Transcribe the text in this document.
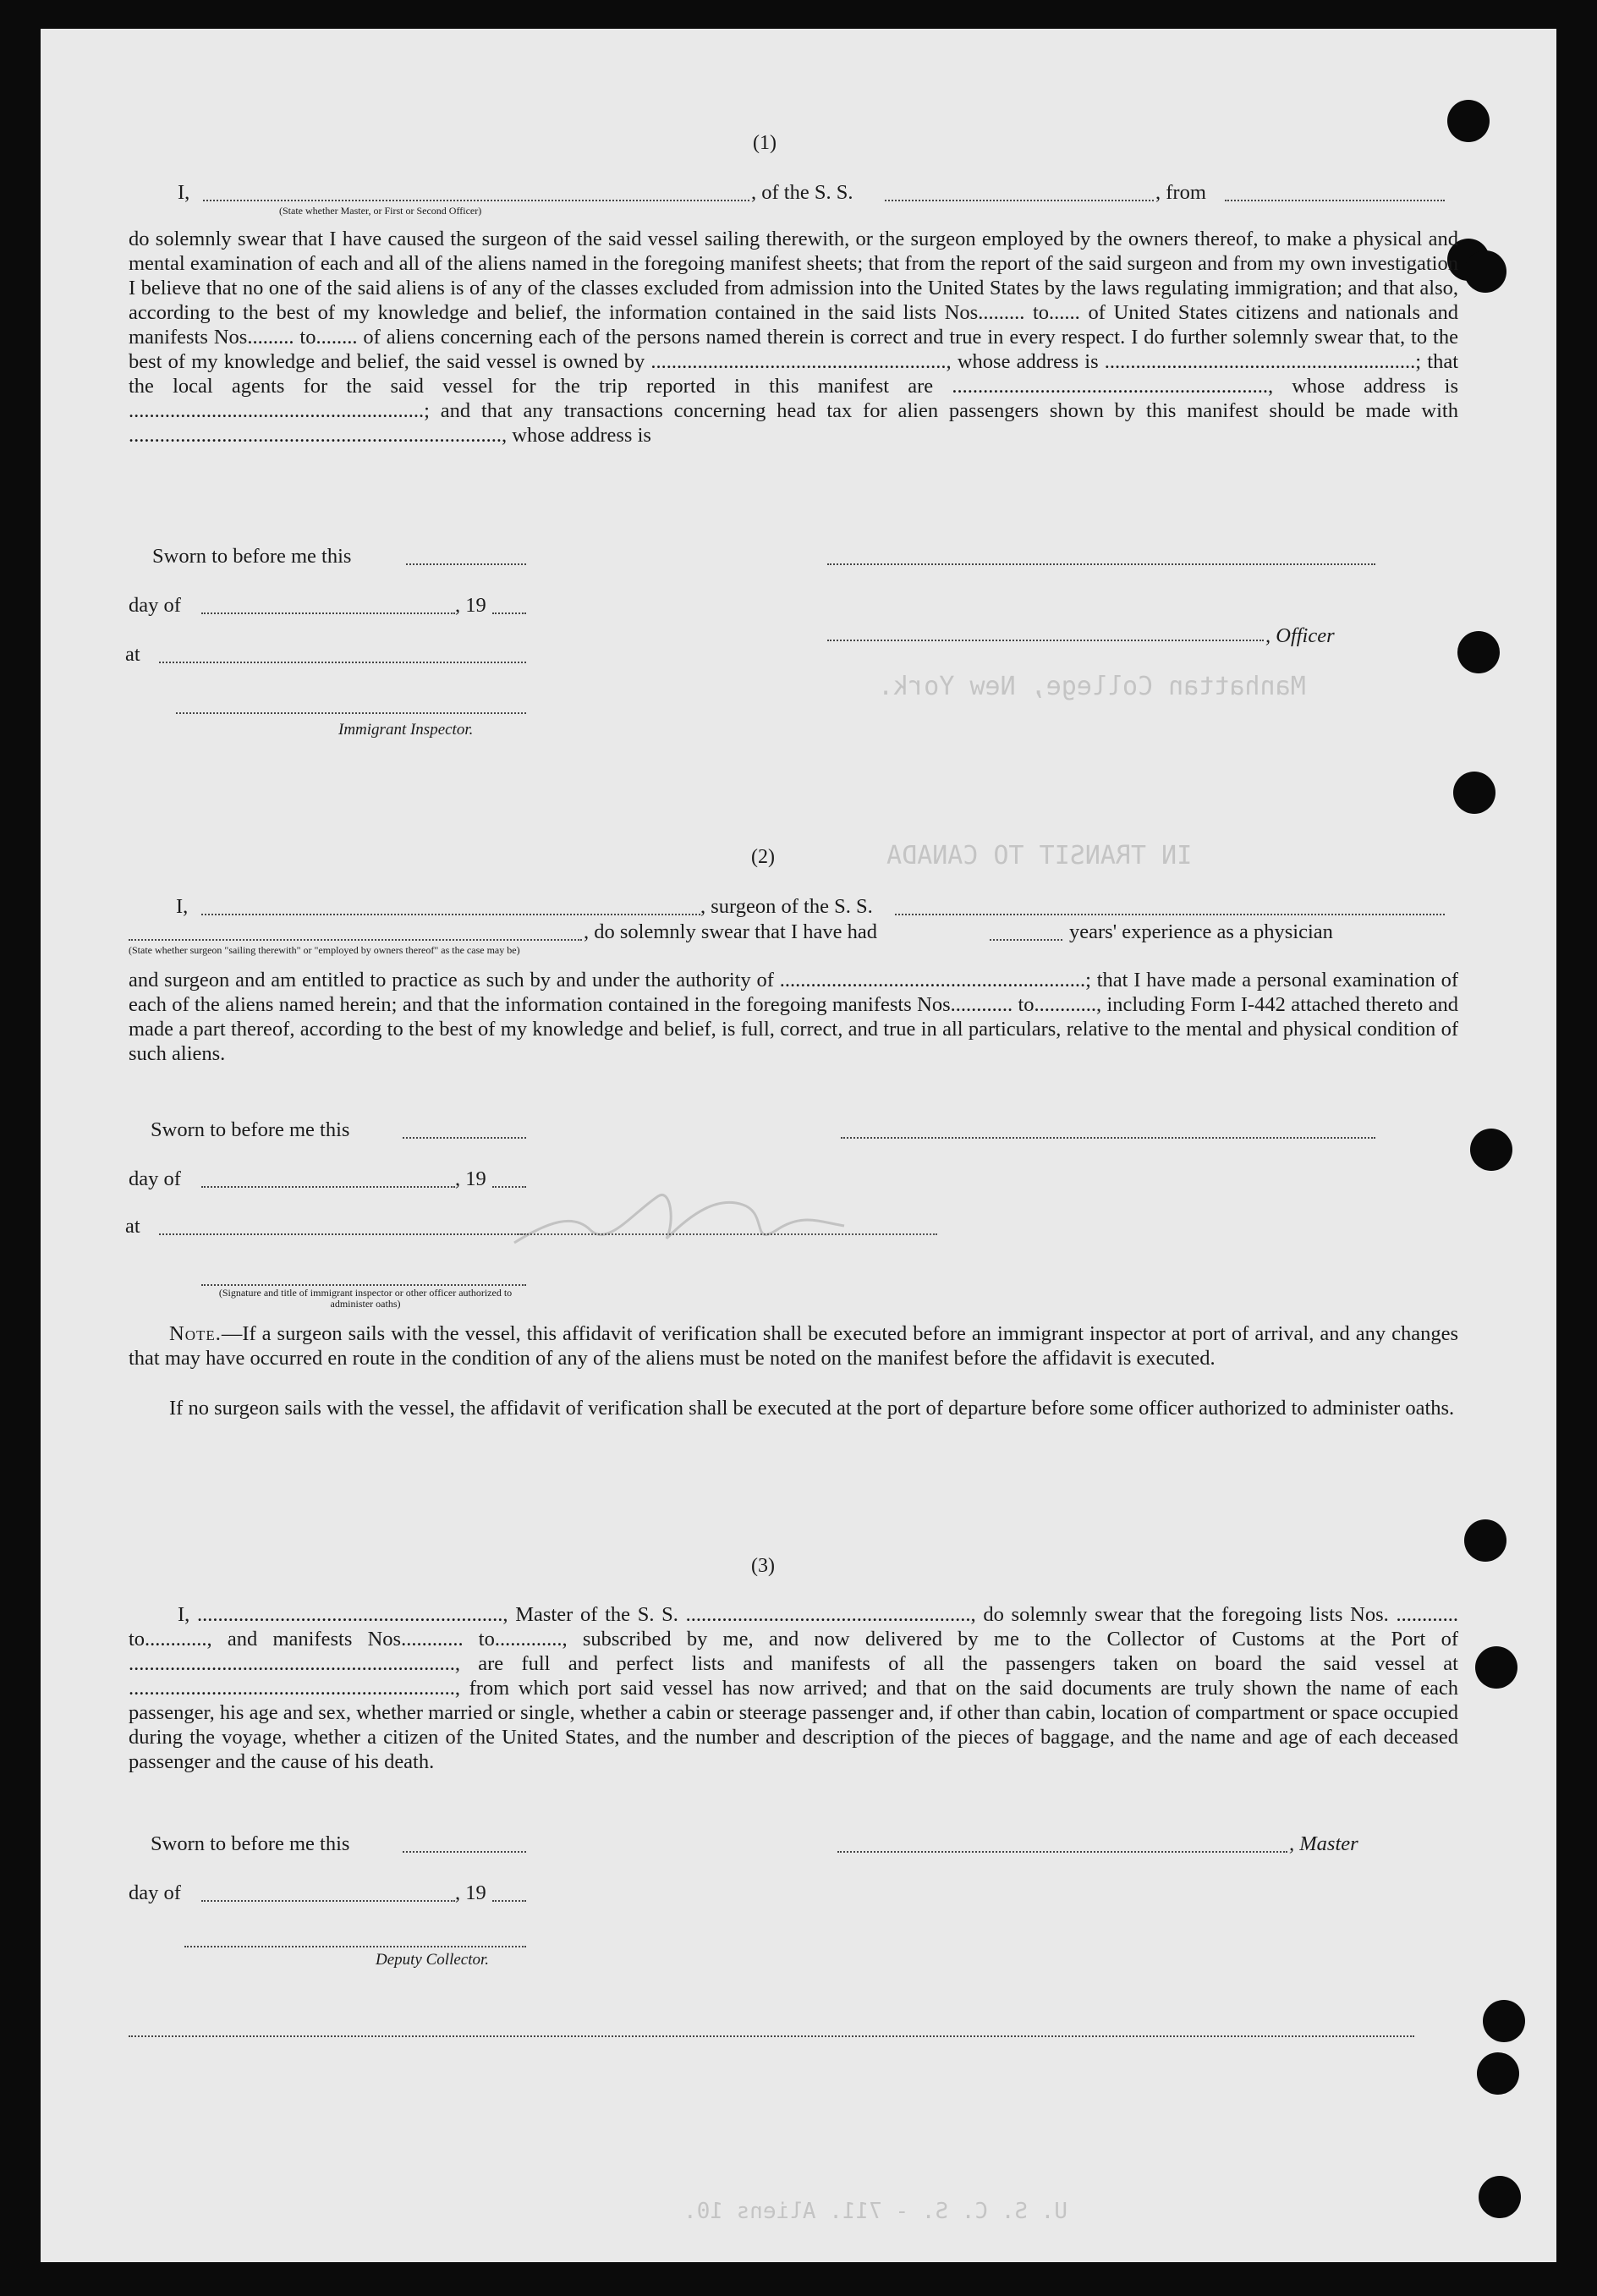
Manhattan College, New York.
IN TRANSIT TO CANADA
U. S. C. S. - 711. Aliens 10.
(1)
I,	, of the S. S.	, from
(State whether Master, or First or Second Officer)
do solemnly swear that I have caused the surgeon of the said vessel sailing therewith, or the surgeon employed by the owners thereof, to make a physical and mental examination of each and all of the aliens named in the foregoing manifest sheets; that from the report of the said surgeon and from my own investigation I believe that no one of the said aliens is of any of the classes excluded from admission into the United States by the laws regulating immigration; and that also, according to the best of my knowledge and belief, the information contained in the said lists Nos......... to...... of United States citizens and nationals and manifests Nos......... to........ of aliens concerning each of the persons named therein is correct and true in every respect. I do further solemnly swear that, to the best of my knowledge and belief, the said vessel is owned by ........................................................., whose address is ............................................................; that the local agents for the said vessel for the trip reported in this manifest are ............................................................., whose address is .........................................................; and that any transactions concerning head tax for alien passengers shown by this manifest should be made with ........................................................................, whose address is
Sworn to before me this
day of	, 19
, Officer
at
Immigrant Inspector.
(2)
I,	, surgeon of the S. S.
, do solemnly swear that I have had	years' experience as a physician
(State whether surgeon "sailing therewith" or "employed by owners thereof" as the case may be)
and surgeon and am entitled to practice as such by and under the authority of ...........................................................; that I have made a personal examination of each of the aliens named herein; and that the information contained in the foregoing manifests Nos............ to............, including Form I-442 attached thereto and made a part thereof, according to the best of my knowledge and belief, is full, correct, and true in all particulars, relative to the mental and physical condition of such aliens.
Sworn to before me this
day of	, 19
at
(Signature and title of immigrant inspector or other officer authorized to administer oaths)
Note.—If a surgeon sails with the vessel, this affidavit of verification shall be executed before an immigrant inspector at port of arrival, and any changes that may have occurred en route in the condition of any of the aliens must be noted on the manifest before the affidavit is executed.
If no surgeon sails with the vessel, the affidavit of verification shall be executed at the port of departure before some officer authorized to administer oaths.
(3)
I, ..........................................................., Master of the S. S. ......................................................., do solemnly swear that the foregoing lists Nos. ............ to............, and manifests Nos............ to............., subscribed by me, and now delivered by me to the Collector of Customs at the Port of ..............................................................., are full and perfect lists and manifests of all the passengers taken on board the said vessel at ..............................................................., from which port said vessel has now arrived; and that on the said documents are truly shown the name of each passenger, his age and sex, whether married or single, whether a cabin or steerage passenger and, if other than cabin, location of compartment or space occupied during the voyage, whether a citizen of the United States, and the number and description of the pieces of baggage, and the name and age of each deceased passenger and the cause of his death.
Sworn to before me this	, Master
day of	, 19
Deputy Collector.
